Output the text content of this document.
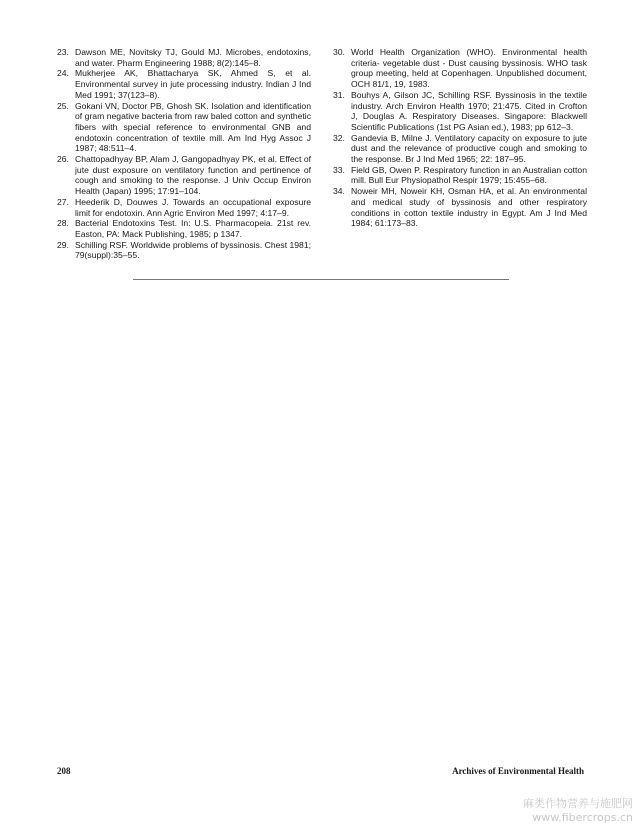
23. Dawson ME, Novitsky TJ, Gould MJ. Microbes, endotoxins, and water. Pharm Engineering 1988; 8(2):145–8.
24. Mukherjee AK, Bhattacharya SK, Ahmed S, et al. Environmental survey in jute processing industry. Indian J Ind Med 1991; 37(123–8).
25. Gokani VN, Doctor PB, Ghosh SK. Isolation and identification of gram negative bacteria from raw baled cotton and synthetic fibers with special reference to environmental GNB and endotoxin concentration of textile mill. Am Ind Hyg Assoc J 1987; 48:511–4.
26. Chattopadhyay BP, Alam J, Gangopadhyay PK, et al. Effect of jute dust exposure on ventilatory function and pertinence of cough and smoking to the response. J Univ Occup Environ Health (Japan) 1995; 17:91–104.
27. Heederik D, Douwes J. Towards an occupational exposure limit for endotoxin. Ann Agric Environ Med 1997; 4:17–9.
28. Bacterial Endotoxins Test. In: U.S. Pharmacopeia. 21st rev. Easton, PA: Mack Publishing, 1985; p 1347.
29. Schilling RSF. Worldwide problems of byssinosis. Chest 1981; 79(suppl):35–55.
30. World Health Organization (WHO). Environmental health criteria- vegetable dust - Dust causing byssinosis. WHO task group meeting, held at Copenhagen. Unpublished document, OCH 81/1, 19, 1983.
31. Bouhys A, Gilson JC, Schilling RSF. Byssinosis in the textile industry. Arch Environ Health 1970; 21:475. Cited in Crofton J, Douglas A. Respiratory Diseases. Singapore: Blackwell Scientific Publications (1st PG Asian ed.), 1983; pp 612–3.
32. Gandevia B, Milne J. Ventilatory capacity on exposure to jute dust and the relevance of productive cough and smoking to the response. Br J Ind Med 1965; 22: 187–95.
33. Field GB, Owen P. Respiratory function in an Australian cotton mill. Bull Eur Physiopathol Respir 1979; 15:455–68.
34. Noweir MH, Noweir KH, Osman HA, et al. An environmental and medical study of byssinosis and other respiratory conditions in cotton textile industry in Egypt. Am J Ind Med 1984; 61:173–83.
208	Archives of Environmental Health
麻类作物营养与施肥网
www.fibercrops.cn
